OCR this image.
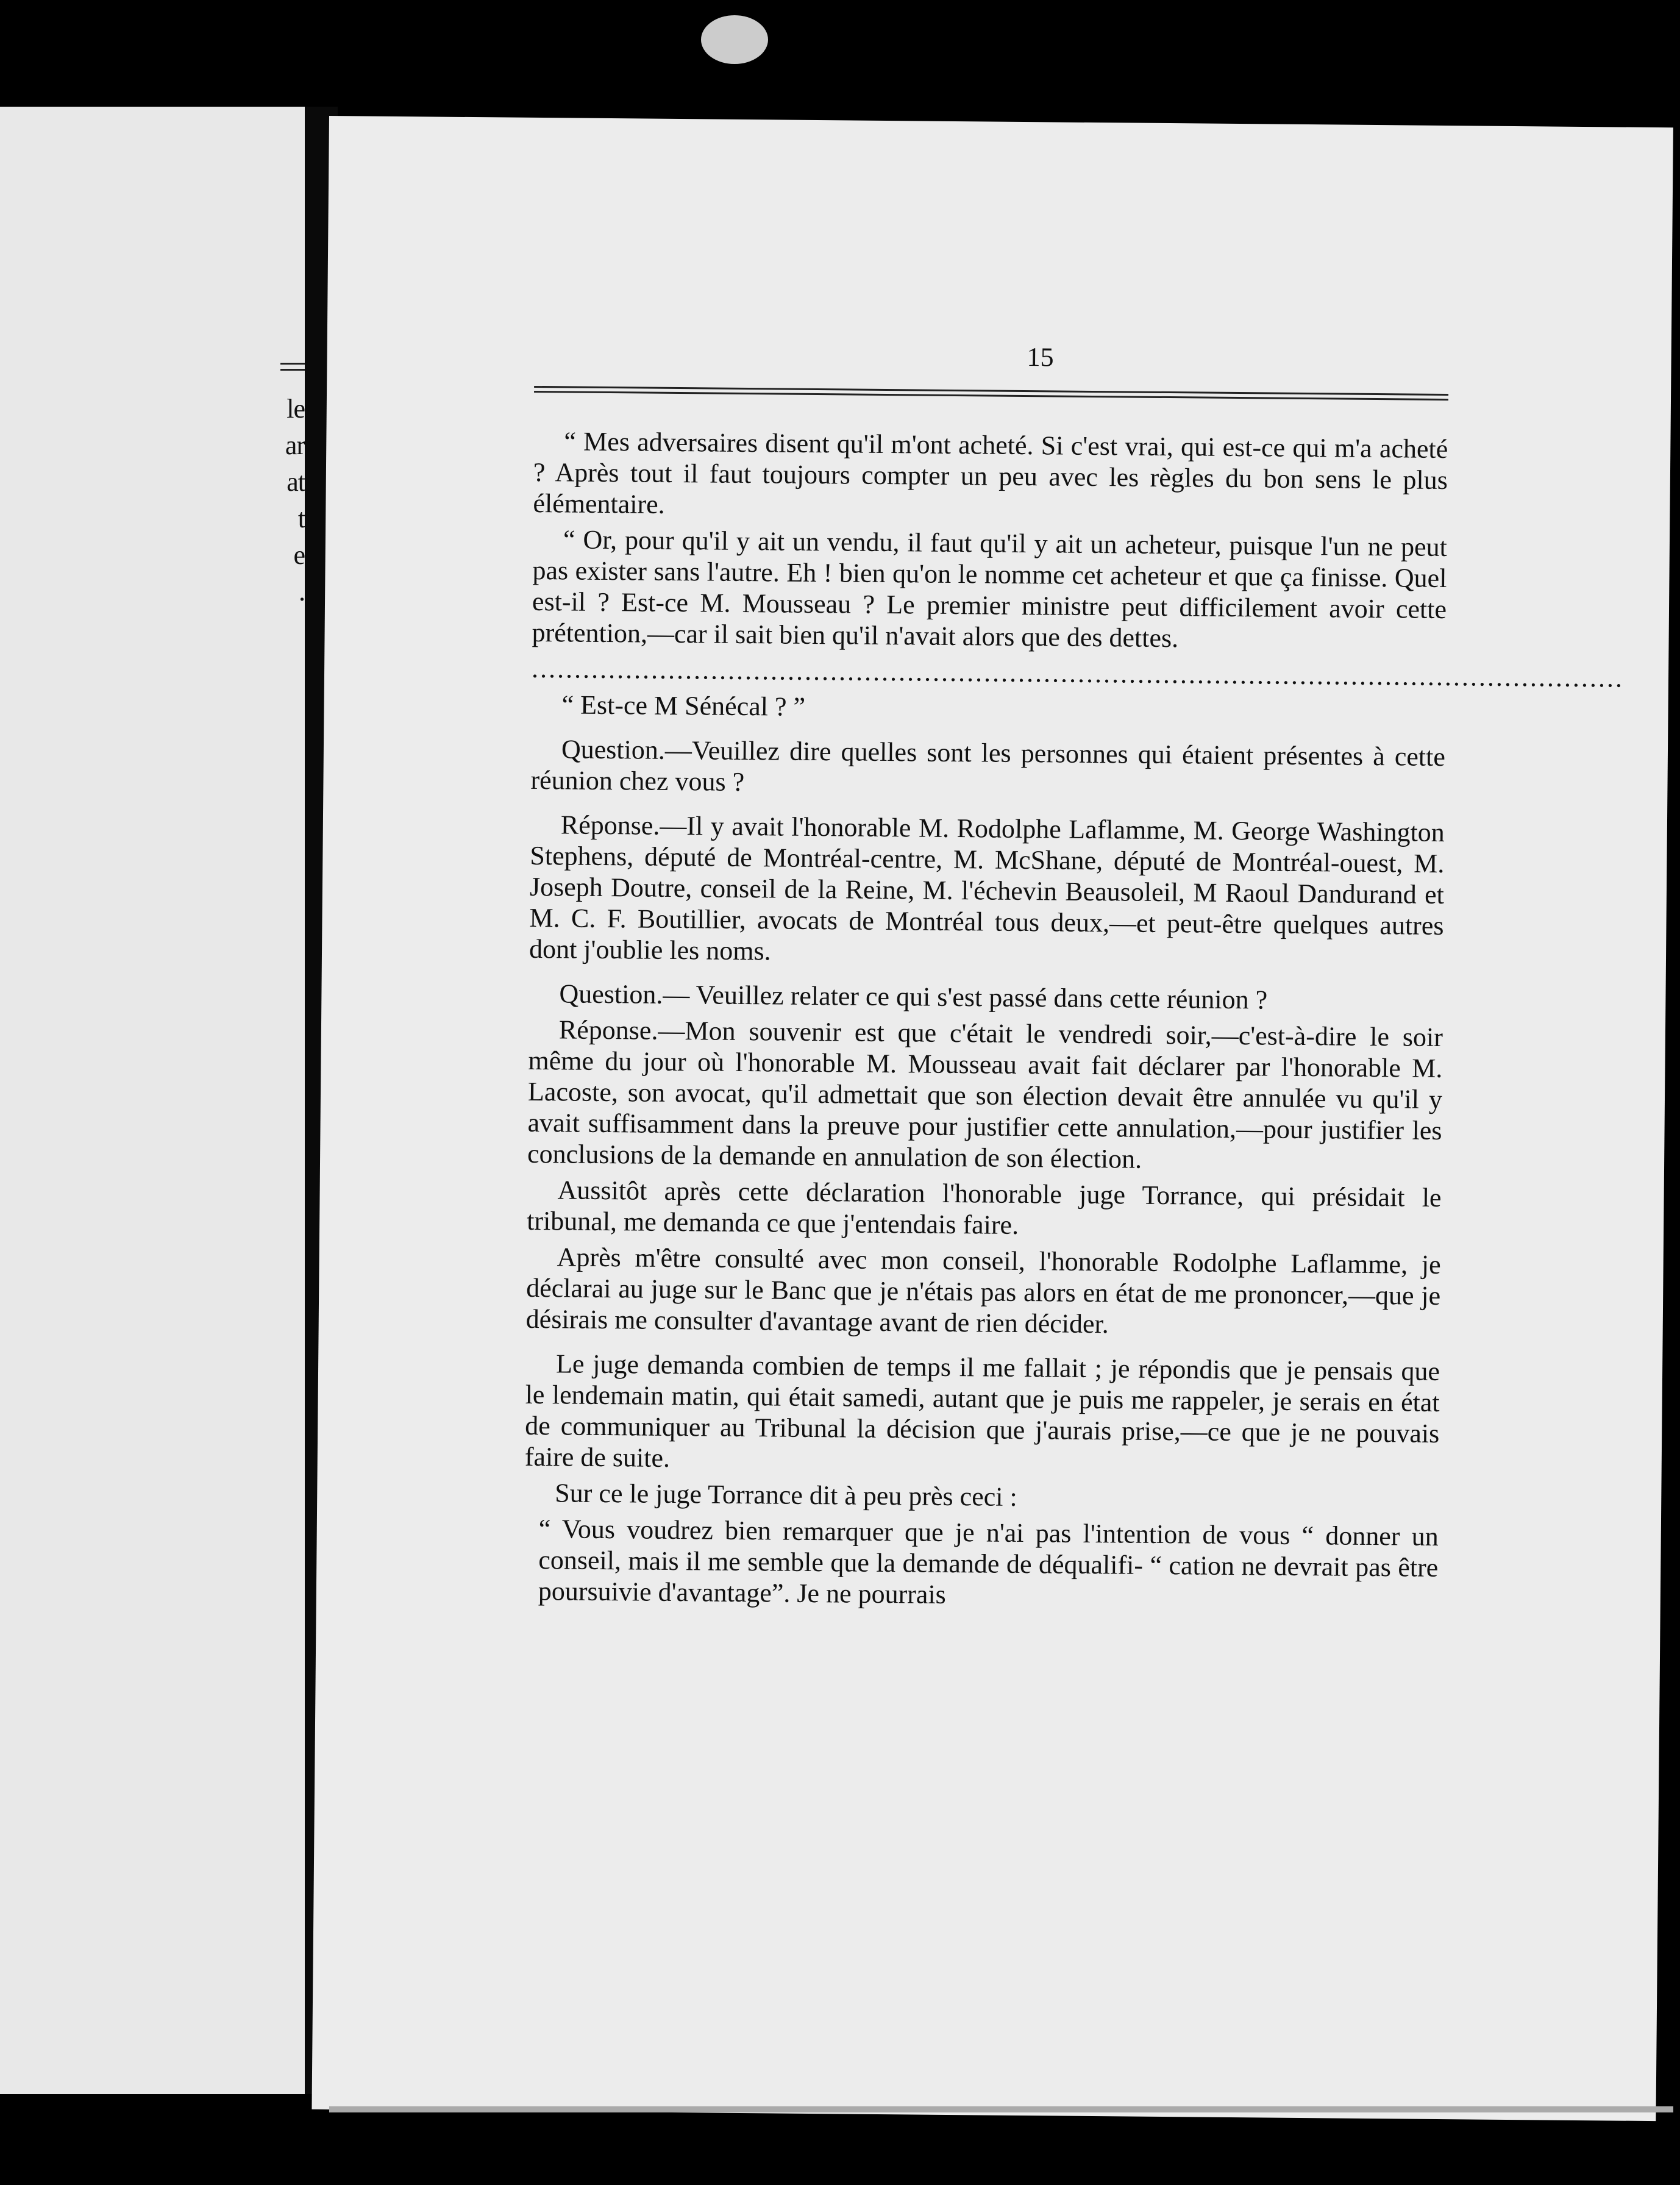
le
ar
at
t
e
.
15

“ Mes adversaires disent qu'il m'ont acheté. Si c'est vrai, qui est-ce qui m'a acheté ? Après tout il faut toujours compter un peu avec les règles du bon sens le plus élémentaire.

“ Or, pour qu'il y ait un vendu, il faut qu'il y ait un acheteur, puisque l'un ne peut pas exister sans l'autre. Eh ! bien qu'on le nomme cet acheteur et que ça finisse. Quel est-il ? Est-ce M. Mousseau ? Le premier ministre peut difficilement avoir cette prétention,—car il sait bien qu'il n'avait alors que des dettes.

................................................................................................................................

“ Est-ce M Sénécal ? ”

Question.—Veuillez dire quelles sont les personnes qui étaient présentes à cette réunion chez vous ?

Réponse.—Il y avait l'honorable M. Rodolphe Laflamme, M. George Washington Stephens, député de Montréal-centre, M. McShane, député de Montréal-ouest, M. Joseph Doutre, conseil de la Reine, M. l'échevin Beausoleil, M Raoul Dandurand et M. C. F. Boutillier, avocats de Montréal tous deux,—et peut-être quelques autres dont j'oublie les noms.

Question.— Veuillez relater ce qui s'est passé dans cette réunion ?

Réponse.—Mon souvenir est que c'était le vendredi soir,—c'est-à-dire le soir même du jour où l'honorable M. Mousseau avait fait déclarer par l'honorable M. Lacoste, son avocat, qu'il admettait que son élection devait être annulée vu qu'il y avait suffisamment dans la preuve pour justifier cette annulation,—pour justifier les conclusions de la demande en annulation de son élection.

Aussitôt après cette déclaration l'honorable juge Torrance, qui présidait le tribunal, me demanda ce que j'entendais faire.

Après m'être consulté avec mon conseil, l'honorable Rodolphe Laflamme, je déclarai au juge sur le Banc que je n'étais pas alors en état de me prononcer,—que je désirais me consulter d'avantage avant de rien décider.

Le juge demanda combien de temps il me fallait ; je répondis que je pensais que le lendemain matin, qui était samedi, autant que je puis me rappeler, je serais en état de communiquer au Tribunal la décision que j'aurais prise,—ce que je ne pouvais faire de suite.

Sur ce le juge Torrance dit à peu près ceci :

“ Vous voudrez bien remarquer que je n'ai pas l'intention de vous “ donner un conseil, mais il me semble que la demande de déqualifi- “ cation ne devrait pas être poursuivie d'avantage”. Je ne pourrais
